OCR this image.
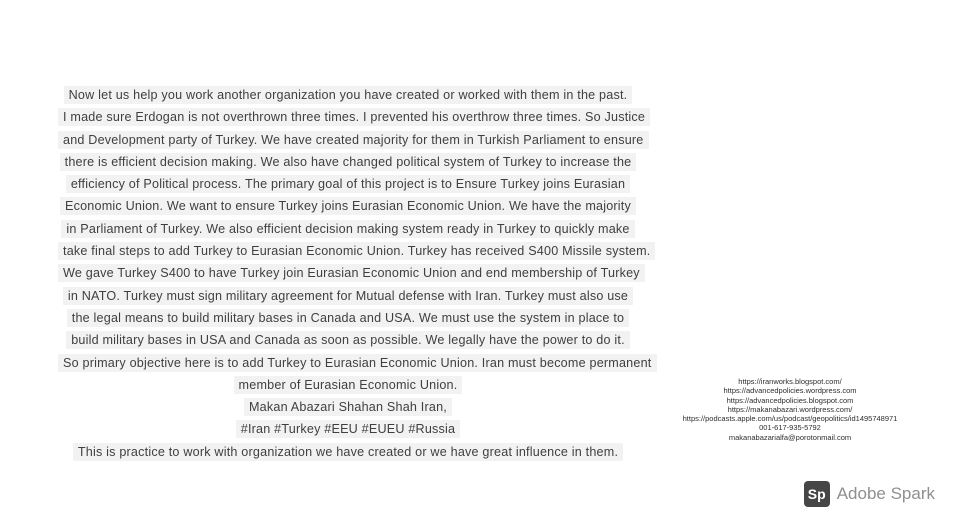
Now let us help you work another organization you have created or worked with them in the past.
I made sure Erdogan is not overthrown three times. I prevented his overthrow three times. So Justice
and Development party of Turkey. We have created majority for them in Turkish Parliament to ensure
there is efficient decision making. We also have changed political system of Turkey to increase the
efficiency of Political process. The primary goal of this project is to Ensure Turkey joins Eurasian
Economic Union. We want to ensure Turkey joins Eurasian Economic Union. We have the majority
in Parliament of Turkey. We also efficient decision making system ready in Turkey to quickly make
take final steps to add Turkey to Eurasian Economic Union. Turkey has received S400 Missile system.
We gave Turkey S400 to have Turkey join Eurasian Economic Union and end membership of Turkey
in NATO. Turkey must sign military agreement for Mutual defense with Iran. Turkey must also use
the legal means to build military bases in Canada and USA. We must use the system in place to
build military bases in USA and Canada as soon as possible. We legally have the power to do it.
So primary objective here is to add Turkey to Eurasian Economic Union. Iran must become permanent
member of Eurasian Economic Union.
Makan Abazari Shahan Shah Iran,
#Iran #Turkey #EEU #EUEU #Russia
This is practice to work with organization we have created or we have great influence in them.
https://iranworks.blogspot.com/
https://advancedpolicies.wordpress.com
https://advancedpolicies.blogspot.com
https://makanabazari.wordpress.com/
https://podcasts.apple.com/us/podcast/geopolitics/id1495748971
001-617-935-5792
makanabazarialfa@porotonmail.com
Sp Adobe Spark
